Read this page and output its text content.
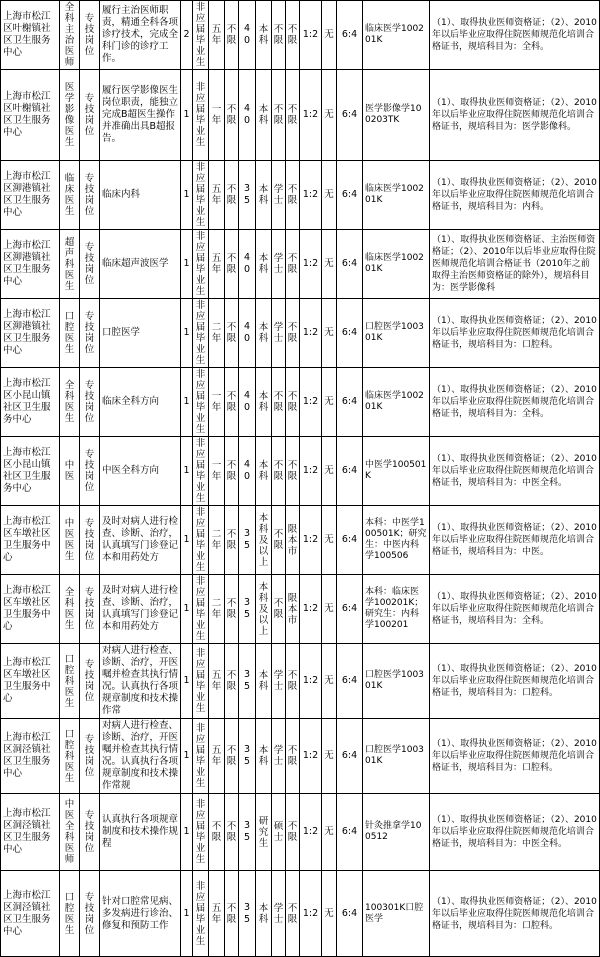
上海市松江区叶榭镇社区卫生服务中心	全科主治医师	专技岗位	履行主治医师职责，精通全科各项诊疗技术，完成全科门诊的诊疗工作。	2	非应届毕业生	五年	不限	40	本科	不限	不限	1:2	无	6:4	临床医学100201K	（1）、取得执业医师资格证；（2）、2010年以后毕业应取得住院医师规范化培训合格证书，规培科目为：全科。
上海市松江区叶榭镇社区卫生服务中心	医学影像医生	专技岗位	履行医学影像医生岗位职责，能独立完成B超医生操作并准确出具B超报告。	1	非应届毕业生	一年	不限	40	本科	不限	不限	1:2	无	6:4	医学影像学100203TK	（1）、取得执业医师资格证；（2）、2010年以后毕业应取得住院医师规范化培训合格证书，规培科目为：医学影像科。
上海市松江区泖港镇社区卫生服务中心	临床医生	专技岗位	临床内科	1	非应届毕业生	五年	不限	35	本科	学士	不限	1:2	无	6:4	临床医学100201K	（1）、取得执业医师资格证；（2）、2010年以后毕业应取得住院医师规范化培训合格证书，规培科目为：内科。
上海市松江区泖港镇社区卫生服务中心	超声科医生	专技岗位	临床超声波医学	1	非应届毕业生	五年	不限	40	本科	学士	不限	1:2	无	6:4	临床医学100201K	（1）、取得执业医师资格证、主治医师资格证；（2）、2010年以后毕业应取得住院医师规范化培训合格证书（2010年之前取得主治医师资格证的除外），规培科目为：医学影像科
上海市松江区泖港镇社区卫生服务中心	口腔医生	专技岗位	口腔医学	1	非应届毕业生	二年	不限	40	本科	学士	不限	1:2	无	6:4	口腔医学100301K	（1）、取得执业医师资格证；（2）、2010年以后毕业应取得住院医师规范化培训合格证书，规培科目为：口腔科。
上海市松江区小昆山镇社区卫生服务中心	全科医生	专技岗位	临床全科方向	1	非应届毕业生	一年	不限	40	本科	不限	不限	1:2	无	6:4	临床医学100201K	（1）、取得执业医师资格证；（2）、2010年以后毕业应取得住院医师规范化培训合格证书，规培科目为：全科。
上海市松江区小昆山镇社区卫生服务中心	中医	专技岗位	中医全科方向	1	非应届毕业生	一年	不限	40	本科	不限	不限	1:2	无	6:4	中医学100501K	（1）、取得执业医师资格证；（2）、2010年以后毕业应取得住院医师规范化培训合格证书，规培科目为：中医全科。
上海市松江区车墩社区卫生服务中心	中医医生	专技岗位	及时对病人进行检查、诊断、治疗，认真填写门诊登记本和用药处方	1	非应届毕业生	二年	不限	35	本科及以上	不限	限本市	1:2	无	6:4	本科：中医学100501K；研究生：中医内科学100506	（1）、取得执业医师资格证；（2）、2010年以后毕业应取得住院医师规范化培训合格证书，规培科目为：中医。
上海市松江区车墩社区卫生服务中心	全科医生	专技岗位	及时对病人进行检查、诊断、治疗，认真填写门诊登记本和用药处方	1	非应届毕业生	二年	不限	35	本科及以上	不限	限本市	1:2	无	6:4	本科：临床医学100201K；研究生：内科学100201	（1）、取得执业医师资格证；（2）、2010年以后毕业应取得住院医师规范化培训合格证书，规培科目为：全科。
上海市松江区车墩社区卫生服务中心	口腔科医生	专技岗位	对病人进行检查、诊断、治疗，开医嘱并检查其执行情况。认真执行各项规章制度和技术操作常	1	非应届毕业生	五年	不限	35	本科	学士	不限	1:2	无	6:4	口腔医学100301K	（1）、取得执业医师资格证；（2）、2010年以后毕业应取得住院医师规范化培训合格证书，规培科目为：口腔科。
上海市松江区洞泾镇社区卫生服务中心	口腔科医生	专技岗位	对病人进行检查、诊断、治疗，开医嘱并检查其执行情况。认真执行各项规章制度和技术操作常规	1	非应届毕业生	五年	不限	35	本科	学士	不限	1:2	无	6:4	口腔医学100301K	（1）、取得执业医师资格证；（2）、2010年以后毕业应取得住院医师规范化培训合格证书，规培科目为：口腔科。
上海市松江区洞泾镇社区卫生服务中心	中医全科医师	专技岗位	认真执行各项规章制度和技术操作规程	1	非应届毕业生	不限	不限	35	研究生	硕士	不限	1:2	无	6:4	针灸推拿学100512	（1）、取得执业医师资格证；（2）、2010年以后毕业应取得住院医师规范化培训合格证书，规培科目为：中医全科。
上海市松江区洞泾镇社区卫生服务中心	口腔医生	专技岗位	针对口腔常见病、多发病进行诊治、修复和预防工作	1	非应届毕业生	五年	不限	35	本科	学士	不限	1:2	无	6:4	100301K口腔医学	（1）、取得执业医师资格证；（2）、2010年以后毕业应取得住院医师规范化培训合格证书，规培科目为：口腔科。
